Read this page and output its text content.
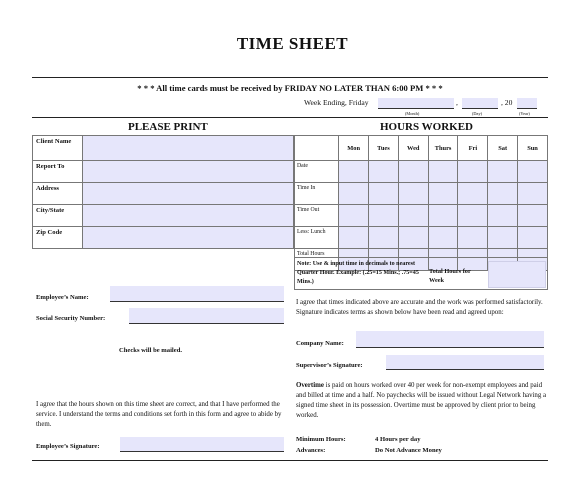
TIME SHEET
* * * All time cards must be received by FRIDAY NO LATER THAN 6:00 PM * * *
Week Ending, Friday	,	, 20
(Month)	(Day)	(Year)
PLEASE PRINT	HOURS WORKED
Client Name	
Report To	
Address	
City/State	
Zip Code	
	Mon	Tues	Wed	Thurs	Fri	Sat	Sun
Date							
Time In							
Time Out							
Less: Lunch							
Total Hours							
Note: Use & input time in decimals to nearest Quarter Hour. Example: (.25=15 Mins.; .75=45 Mins.)
Total Hours for Week
Employee’s Name:
Social Security Number:
Checks will be mailed.
I agree that the hours shown on this time sheet are correct, and that I have performed the service. I understand the terms and conditions set forth in this form and agree to abide by them.
Employee’s Signature:
I agree that times indicated above are accurate and the work was performed satisfactorily. Signature indicates terms as shown below have been read and agreed upon:
Company Name:
Supervisor’s Signature:
Overtime is paid on hours worked over 40 per week for non-exempt employees and paid and billed at time and a half. No paychecks will be issued without Legal Network having a signed time sheet in its possession. Overtime must be approved by client prior to being worked.
Minimum Hours:	4 Hours per day
Advances:	Do Not Advance Money
